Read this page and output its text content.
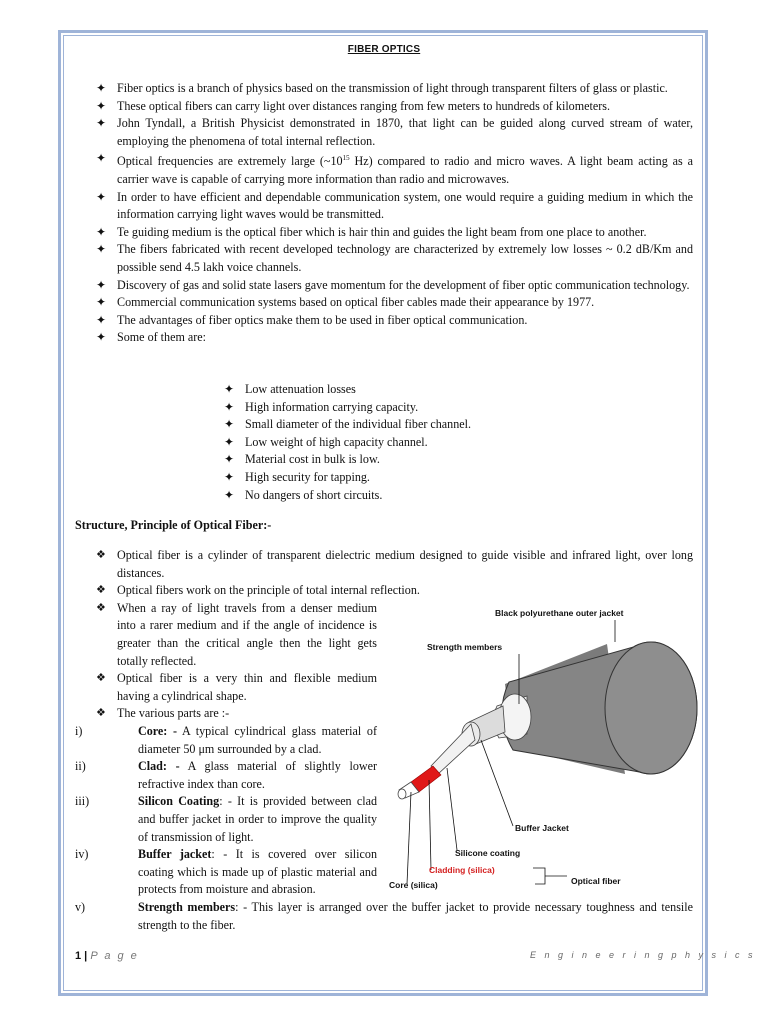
FIBER OPTICS
✦ Fiber optics is a branch of physics based on the transmission of light through transparent filters of glass or plastic.
✦ These optical fibers can carry light over distances ranging from few meters to hundreds of kilometers.
✦ John Tyndall, a British Physicist demonstrated in 1870, that light can be guided along curved stream of water, employing the phenomena of total internal reflection.
✦ Optical frequencies are extremely large ($\sim 10^{15}$ Hz) compared to radio and micro waves. A light beam acting as a carrier wave is capable of carrying more information than radio and microwaves.
✦ In order to have efficient and dependable communication system, one would require a guiding medium in which the information carrying light waves would be transmitted.
✦ Te guiding medium is the optical fiber which is hair thin and guides the light beam from one place to another.
✦ The fibers fabricated with recent developed technology are characterized by extremely low losses ~ 0.2 dB/Km and possible send 4.5 lakh voice channels.
✦ Discovery of gas and solid state lasers gave momentum for the development of fiber optic communication technology.
✦ Commercial communication systems based on optical fiber cables made their appearance by 1977.
✦ The advantages of fiber optics make them to be used in fiber optical communication.
✦ Some of them are:
✦ Low attenuation losses
✦ High information carrying capacity.
✦ Small diameter of the individual fiber channel.
✦ Low weight of high capacity channel.
✦ Material cost in bulk is low.
✦ High security for tapping.
✦ No dangers of short circuits.
Structure, Principle of Optical Fiber:-
❖ Optical fiber is a cylinder of transparent dielectric medium designed to guide visible and infrared light, over long distances.
❖ Optical fibers work on the principle of total internal reflection.
❖ When a ray of light travels from a denser medium into a rarer medium and if the angle of incidence is greater than the critical angle then the light gets totally reflected.
❖ Optical fiber is a very thin and flexible medium having a cylindrical shape.
❖ The various parts are :-
i)	Core: - A typical cylindrical glass material of diameter 50 μm surrounded by a clad.
ii)	Clad: - A glass material of slightly lower refractive index than core.
iii)	Silicon Coating: - It is provided between clad and buffer jacket in order to improve the quality of transmission of light.
iv)	Buffer jacket: - It is covered over silicon coating which is made up of plastic material and protects from moisture and abrasion.
v)	Strength members: - This layer is arranged over the buffer jacket to provide necessary toughness and tensile strength to the fiber.
Black polyurethane outer jacket
Strength members
Buffer Jacket
Silicone coating
Cladding (silica)
Core (silica)	Optical fiber
1 | P a g e	E n g i n e e r i n g p h y s i c s
